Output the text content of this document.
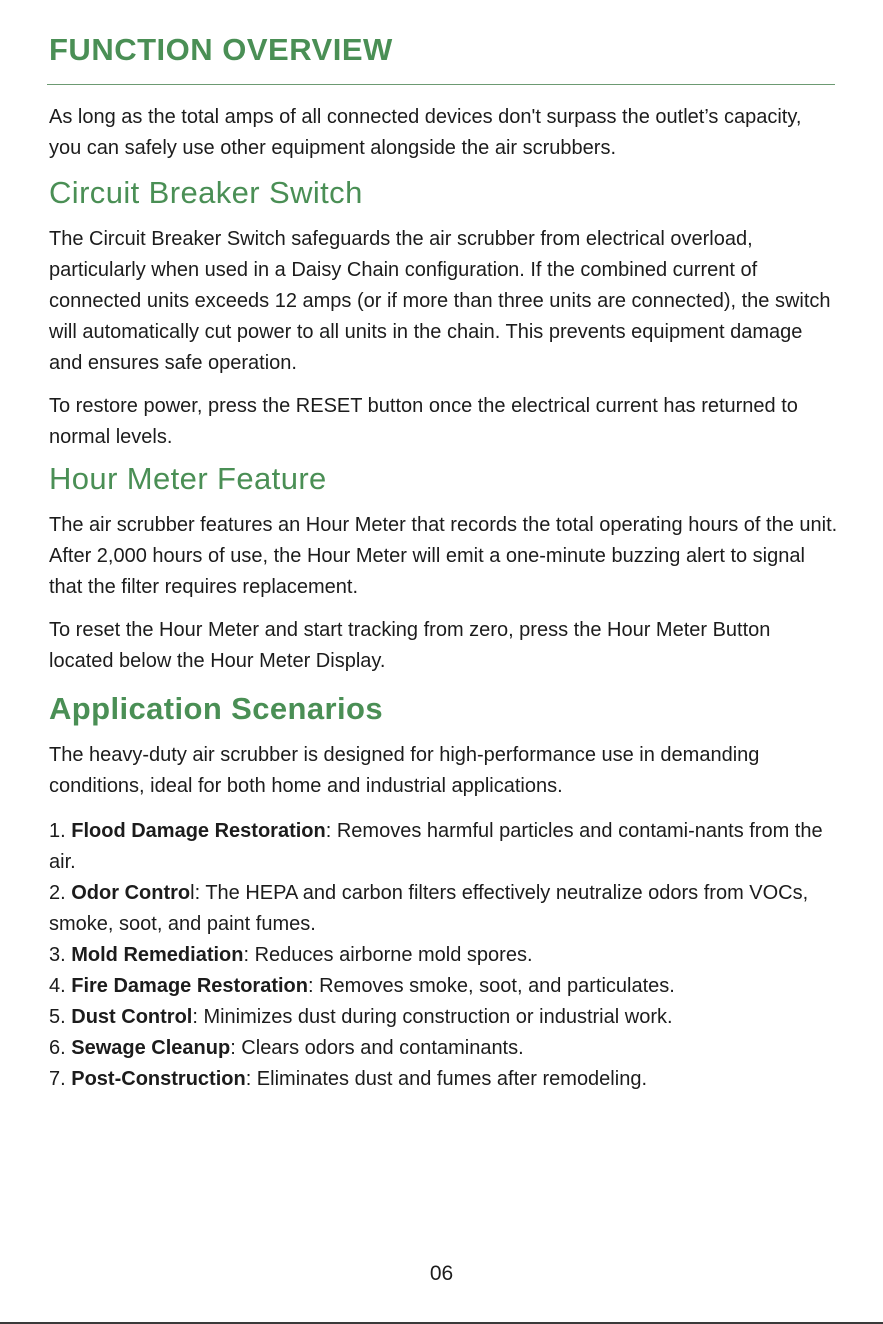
FUNCTION OVERVIEW

As long as the total amps of all connected devices don't surpass the outlet’s capacity, you can safely use other equipment alongside the air scrubbers.

Circuit Breaker Switch

The Circuit Breaker Switch safeguards the air scrubber from electrical overload, particularly when used in a Daisy Chain configuration. If the combined current of connected units exceeds 12 amps (or if more than three units are connected), the switch will automatically cut power to all units in the chain. This prevents equipment damage and ensures safe operation.

To restore power, press the RESET button once the electrical current has returned to normal levels.

Hour Meter Feature

The air scrubber features an Hour Meter that records the total operating hours of the unit. After 2,000 hours of use, the Hour Meter will emit a one-minute buzzing alert to signal that the filter requires replacement.

To reset the Hour Meter and start tracking from zero, press the Hour Meter Button located below the Hour Meter Display.

Application Scenarios

The heavy-duty air scrubber is designed for high-performance use in demanding conditions, ideal for both home and industrial applications.

1. Flood Damage Restoration: Removes harmful particles and contami-nants from the air.
2. Odor Control: The HEPA and carbon filters effectively neutralize odors from VOCs, smoke, soot, and paint fumes.
3. Mold Remediation: Reduces airborne mold spores.
4. Fire Damage Restoration: Removes smoke, soot, and particulates.
5. Dust Control: Minimizes dust during construction or industrial work.
6. Sewage Cleanup: Clears odors and contaminants.
7. Post-Construction: Eliminates dust and fumes after remodeling.
06
